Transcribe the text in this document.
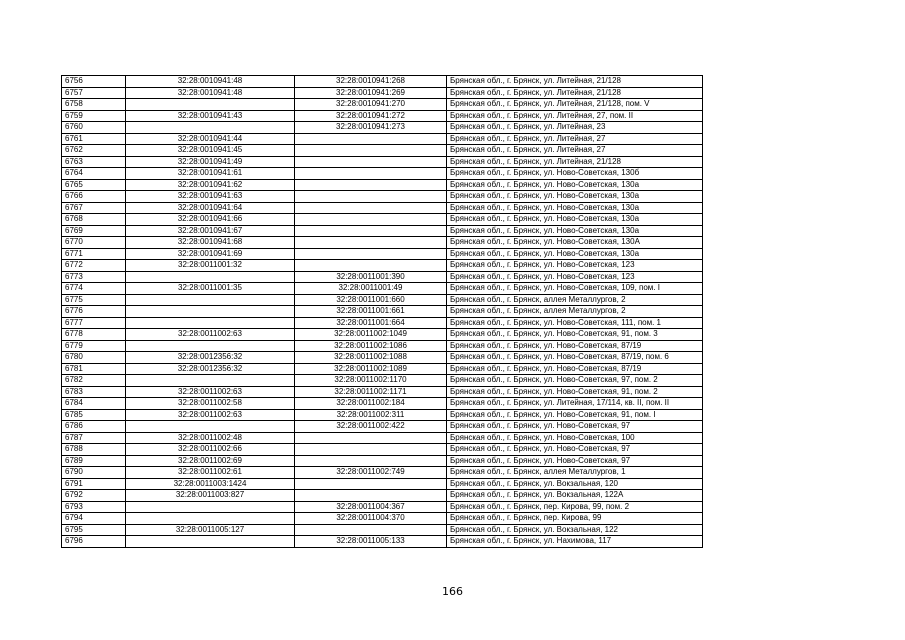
6756	32:28:0010941:48	32:28:0010941:268	Брянская обл., г. Брянск, ул. Литейная, 21/128
6757	32:28:0010941:48	32:28:0010941:269	Брянская обл., г. Брянск, ул. Литейная, 21/128
6758		32:28:0010941:270	Брянская обл., г. Брянск, ул. Литейная, 21/128, пом. V
6759	32:28:0010941:43	32:28:0010941:272	Брянская обл., г. Брянск, ул. Литейная, 27, пом. II
6760		32:28:0010941:273	Брянская обл., г. Брянск, ул. Литейная, 23
6761	32:28:0010941:44		Брянская обл., г. Брянск, ул. Литейная, 27
6762	32:28:0010941:45		Брянская обл., г. Брянск, ул. Литейная, 27
6763	32:28:0010941:49		Брянская обл., г. Брянск, ул. Литейная, 21/128
6764	32:28:0010941:61		Брянская обл., г. Брянск, ул. Ново-Советская, 130б
6765	32:28:0010941:62		Брянская обл., г. Брянск, ул. Ново-Советская, 130а
6766	32:28:0010941:63		Брянская обл., г. Брянск, ул. Ново-Советская, 130а
6767	32:28:0010941:64		Брянская обл., г. Брянск, ул. Ново-Советская, 130а
6768	32:28:0010941:66		Брянская обл., г. Брянск, ул. Ново-Советская, 130а
6769	32:28:0010941:67		Брянская обл., г. Брянск, ул. Ново-Советская, 130а
6770	32:28:0010941:68		Брянская обл., г. Брянск, ул. Ново-Советская, 130А
6771	32:28:0010941:69		Брянская обл., г. Брянск, ул. Ново-Советская, 130а
6772	32:28:0011001:32		Брянская обл., г. Брянск, ул. Ново-Советская, 123
6773		32:28:0011001:390	Брянская обл., г. Брянск, ул. Ново-Советская, 123
6774	32:28:0011001:35	32:28:0011001:49	Брянская обл., г. Брянск, ул. Ново-Советская, 109, пом. I
6775		32:28:0011001:660	Брянская обл., г. Брянск, аллея Металлургов, 2
6776		32:28:0011001:661	Брянская обл., г. Брянск, аллея Металлургов, 2
6777		32:28:0011001:664	Брянская обл., г. Брянск, ул. Ново-Советская, 111, пом. 1
6778	32:28:0011002:63	32:28:0011002:1049	Брянская обл., г. Брянск, ул. Ново-Советская, 91, пом. 3
6779		32:28:0011002:1086	Брянская обл., г. Брянск, ул. Ново-Советская, 87/19
6780	32:28:0012356:32	32:28:0011002:1088	Брянская обл., г. Брянск, ул. Ново-Советская, 87/19, пом. 6
6781	32:28:0012356:32	32:28:0011002:1089	Брянская обл., г. Брянск, ул. Ново-Советская, 87/19
6782		32:28:0011002:1170	Брянская обл., г. Брянск, ул. Ново-Советская, 97, пом. 2
6783	32:28:0011002:63	32:28:0011002:1171	Брянская обл., г. Брянск, ул. Ново-Советская, 91, пом. 2
6784	32:28:0011002:58	32:28:0011002:184	Брянская обл., г. Брянск, ул. Литейная, 17/114, кв. II, пом. II
6785	32:28:0011002:63	32:28:0011002:311	Брянская обл., г. Брянск, ул. Ново-Советская, 91, пом. I
6786		32:28:0011002:422	Брянская обл., г. Брянск, ул. Ново-Советская, 97
6787	32:28:0011002:48		Брянская обл., г. Брянск, ул. Ново-Советская, 100
6788	32:28:0011002:66		Брянская обл., г. Брянск, ул. Ново-Советская, 97
6789	32:28:0011002:69		Брянская обл., г. Брянск, ул. Ново-Советская, 97
6790	32:28:0011002:61	32:28:0011002:749	Брянская обл., г. Брянск, аллея Металлургов, 1
6791	32:28:0011003:1424		Брянская обл., г. Брянск, ул. Вокзальная, 120
6792	32:28:0011003:827		Брянская обл., г. Брянск, ул. Вокзальная, 122А
6793		32:28:0011004:367	Брянская обл., г. Брянск, пер. Кирова, 99, пом. 2
6794		32:28:0011004:370	Брянская обл., г. Брянск, пер. Кирова, 99
6795	32:28:0011005:127		Брянская обл., г. Брянск, ул. Вокзальная, 122
6796		32:28:0011005:133	Брянская обл., г. Брянск, ул. Нахимова, 117
166
